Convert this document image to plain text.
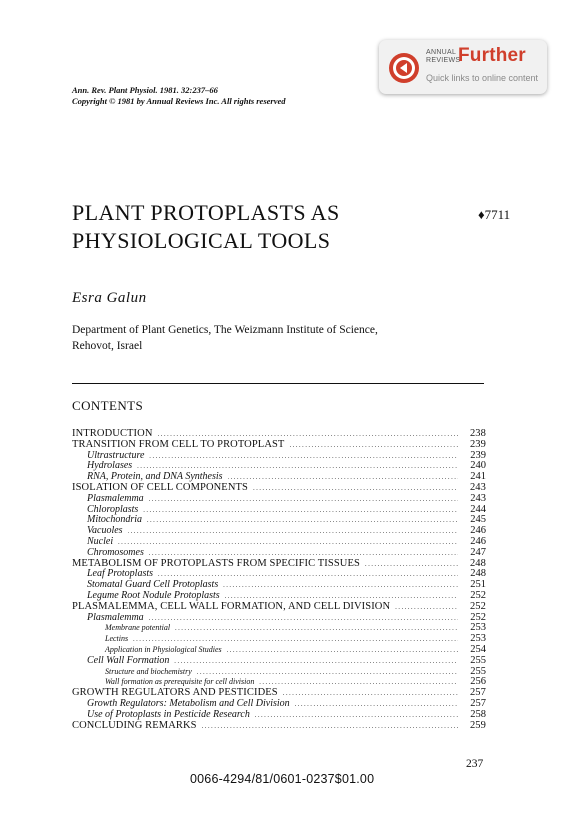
ANNUAL
REVIEWS
Further
Quick links to online content
Ann. Rev. Plant Physiol. 1981. 32:237–66
Copyright © 1981 by Annual Reviews Inc. All rights reserved
PLANT PROTOPLASTS AS
PHYSIOLOGICAL TOOLS
♦7711
Esra Galun
Department of Plant Genetics, The Weizmann Institute of Science,
Rehovot, Israel
CONTENTS
INTRODUCTION .....	238
TRANSITION FROM CELL TO PROTOPLAST .....	239
Ultrastructure .....	239
Hydrolases .....	240
RNA, Protein, and DNA Synthesis .....	241
ISOLATION OF CELL COMPONENTS .....	243
Plasmalemma .....	243
Chloroplasts .....	244
Mitochondria .....	245
Vacuoles .....	246
Nuclei .....	246
Chromosomes .....	247
METABOLISM OF PROTOPLASTS FROM SPECIFIC TISSUES .....	248
Leaf Protoplasts .....	248
Stomatal Guard Cell Protoplasts .....	251
Legume Root Nodule Protoplasts .....	252
PLASMALEMMA, CELL WALL FORMATION, AND CELL DIVISION .....	252
Plasmalemma .....	252
Membrane potential .....	253
Lectins .....	253
Application in Physiological Studies .....	254
Cell Wall Formation .....	255
Structure and biochemistry .....	255
Wall formation as prerequisite for cell division .....	256
GROWTH REGULATORS AND PESTICIDES .....	257
Growth Regulators: Metabolism and Cell Division .....	257
Use of Protoplasts in Pesticide Research .....	258
CONCLUDING REMARKS .....	259
237
0066-4294/81/0601-0237$01.00
